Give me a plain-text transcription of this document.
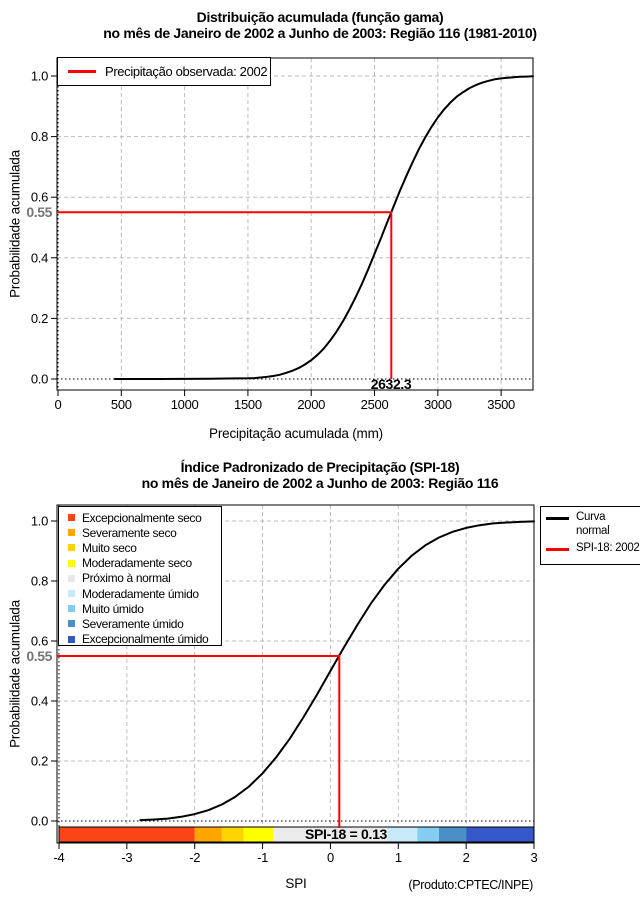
Distribuição acumulada (função gama)
no mês de Janeiro de 2002 a Junho de 2003: Região 116 (1981-2010)
Probabilidade acumulada
0	500	1000	1500	2000	2500	3000	3500
0.0
0.2
0.4
0.6
0.8
1.0	Precipitação observada: 2002
0.55
2632.3
Precipitação acumulada (mm)
Índice Padronizado de Precipitação (SPI-18)
no mês de Janeiro de 2002 a Junho de 2003: Região 116
Probabilidade acumulada
-4	-3	-2	-1	0	1	2	3
0.0
0.2
0.4
0.6
0.8
1.0	Excepcionalmente seco
Severamente seco
Muito seco
Moderadamente seco
Próximo à normal
Moderadamente úmido
Muito úmido
Severamente úmido
Excepcionalmente úmido
Curva normal
SPI-18: 2002
0.55
SPI-18 = 0.13
SPI	(Produto:CPTEC/INPE)
